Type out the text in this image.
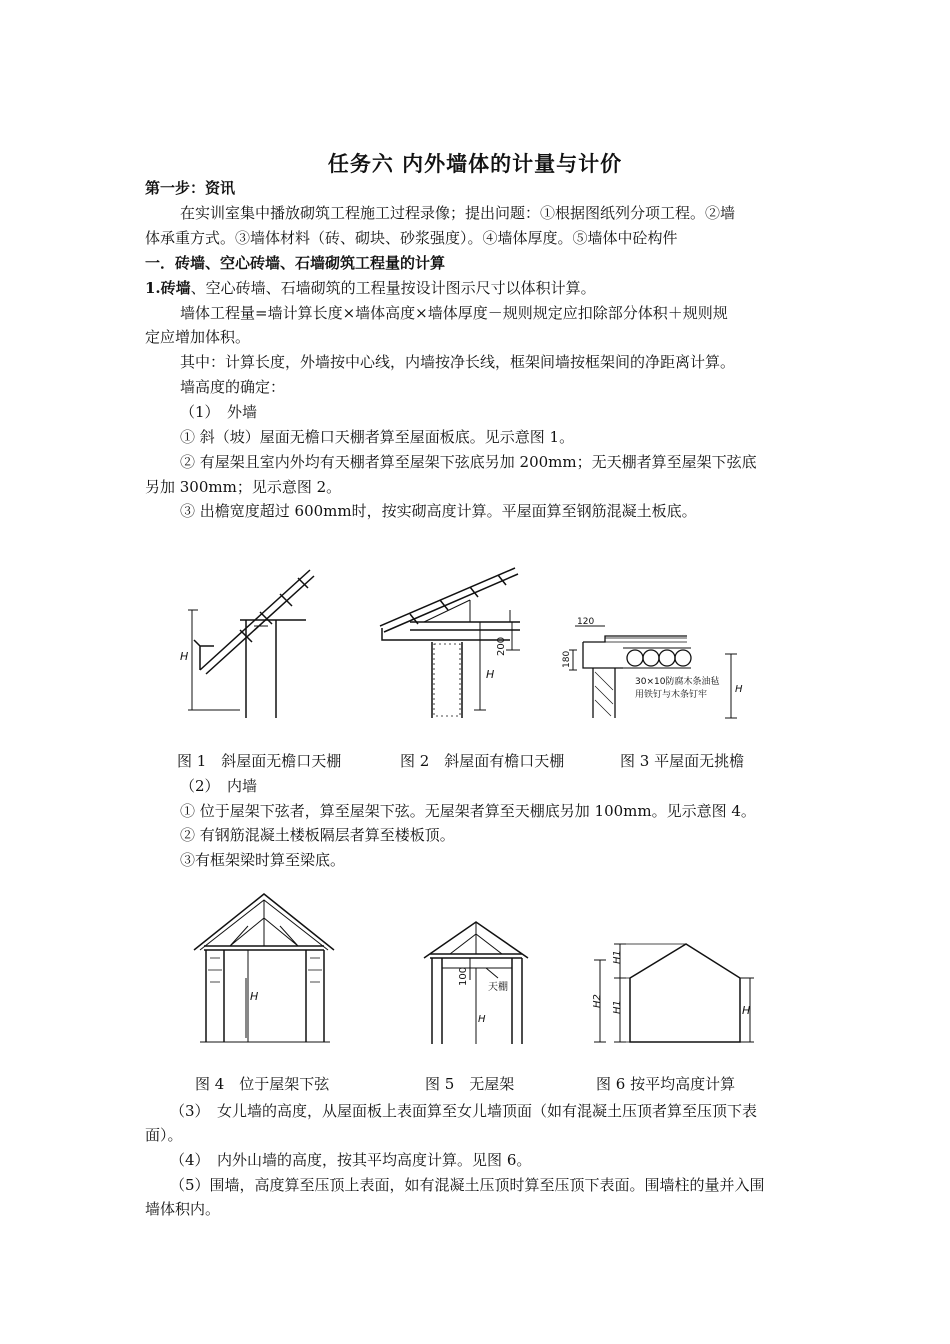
任务六 内外墙体的计量与计价
第一步：资讯
在实训室集中播放砌筑工程施工过程录像；提出问题：①根据图纸列分项工程。②墙
体承重方式。③墙体材料（砖、砌块、砂浆强度）。④墙体厚度。⑤墙体中砼构件
一．砖墙、空心砖墙、石墙砌筑工程量的计算
1.砖墙、空心砖墙、石墙砌筑的工程量按设计图示尺寸以体积计算。
墙体工程量=墙计算长度×墙体高度×墙体厚度－规则规定应扣除部分体积＋规则规
定应增加体积。
其中：计算长度，外墙按中心线，内墙按净长线，框架间墙按框架间的净距离计算。
墙高度的确定：
（1）　外墙
① 斜（坡）屋面无檐口天棚者算至屋面板底。见示意图 1。
② 有屋架且室内外均有天棚者算至屋架下弦底另加 200mm；无天棚者算至屋架下弦底
另加 300mm；见示意图 2。
③ 出檐宽度超过 600mm时，按实砌高度计算。平屋面算至钢筋混凝土板底。
H
图 1　斜屋面无檐口天棚
200
H
图 2　斜屋面有檐口天棚
120
180
30×10防腐木条油毡
用铁钉与木条钉牢	H
图 3 平屋面无挑檐
（2）　内墙
① 位于屋架下弦者，算至屋架下弦。无屋架者算至天棚底另加 100mm。见示意图 4。
② 有钢筋混凝土楼板隔层者算至楼板顶。
③有框架梁时算至梁底。
H
图 4　位于屋架下弦
100
天棚
H
图 5　无屋架
H1
H1
H2
H
图 6 按平均高度计算
（3）　女儿墙的高度，从屋面板上表面算至女儿墙顶面（如有混凝土压顶者算至压顶下表
面）。
（4）　内外山墙的高度，按其平均高度计算。见图 6。
（5）围墙，高度算至压顶上表面，如有混凝土压顶时算至压顶下表面。围墙柱的量并入围
墙体积内。
